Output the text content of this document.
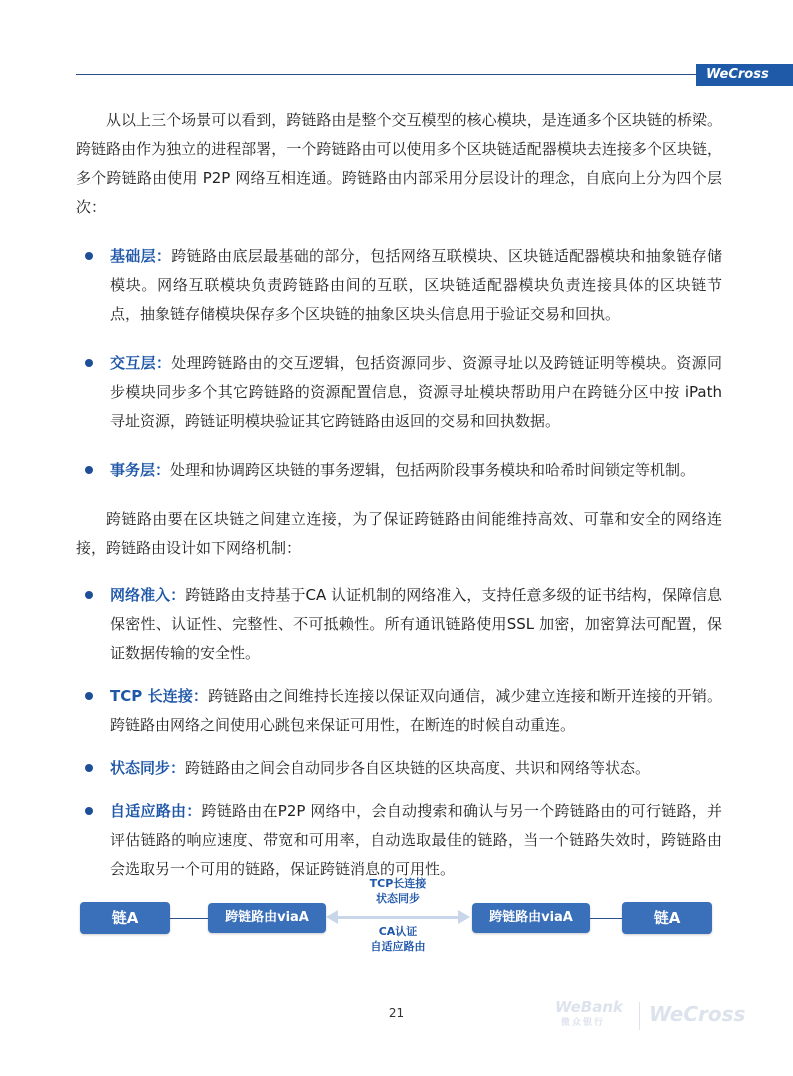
WeCross

从以上三个场景可以看到，跨链路由是整个交互模型的核心模块，是连通多个区块链的桥梁。跨链路由作为独立的进程部署，一个跨链路由可以使用多个区块链适配器模块去连接多个区块链，多个跨链路由使用 P2P 网络互相连通。跨链路由内部采用分层设计的理念，自底向上分为四个层次：

基础层：跨链路由底层最基础的部分，包括网络互联模块、区块链适配器模块和抽象链存储模块。网络互联模块负责跨链路由间的互联，区块链适配器模块负责连接具体的区块链节点，抽象链存储模块保存多个区块链的抽象区块头信息用于验证交易和回执。
交互层：处理跨链路由的交互逻辑，包括资源同步、资源寻址以及跨链证明等模块。资源同步模块同步多个其它跨链路的资源配置信息，资源寻址模块帮助用户在跨链分区中按 iPath 寻址资源，跨链证明模块验证其它跨链路由返回的交易和回执数据。
事务层：处理和协调跨区块链的事务逻辑，包括两阶段事务模块和哈希时间锁定等机制。

跨链路由要在区块链之间建立连接，为了保证跨链路由间能维持高效、可靠和安全的网络连接，跨链路由设计如下网络机制：

网络准入：跨链路由支持基于CA 认证机制的网络准入，支持任意多级的证书结构，保障信息保密性、认证性、完整性、不可抵赖性。所有通讯链路使用SSL 加密，加密算法可配置，保证数据传输的安全性。
TCP 长连接：跨链路由之间维持长连接以保证双向通信，减少建立连接和断开连接的开销。跨链路由网络之间使用心跳包来保证可用性，在断连的时候自动重连。
状态同步：跨链路由之间会自动同步各自区块链的区块高度、共识和网络等状态。
自适应路由：跨链路由在P2P 网络中，会自动搜索和确认与另一个跨链路由的可行链路，并评估链路的响应速度、带宽和可用率，自动选取最佳的链路，当一个链路失效时，跨链路由会选取另一个可用的链路，保证跨链消息的可用性。
链A	跨链路由viaA
TCP长连接
状态同步
CA认证
自适应路由
跨链路由viaA	链A
21	WeBank
微众银行 WeCross
